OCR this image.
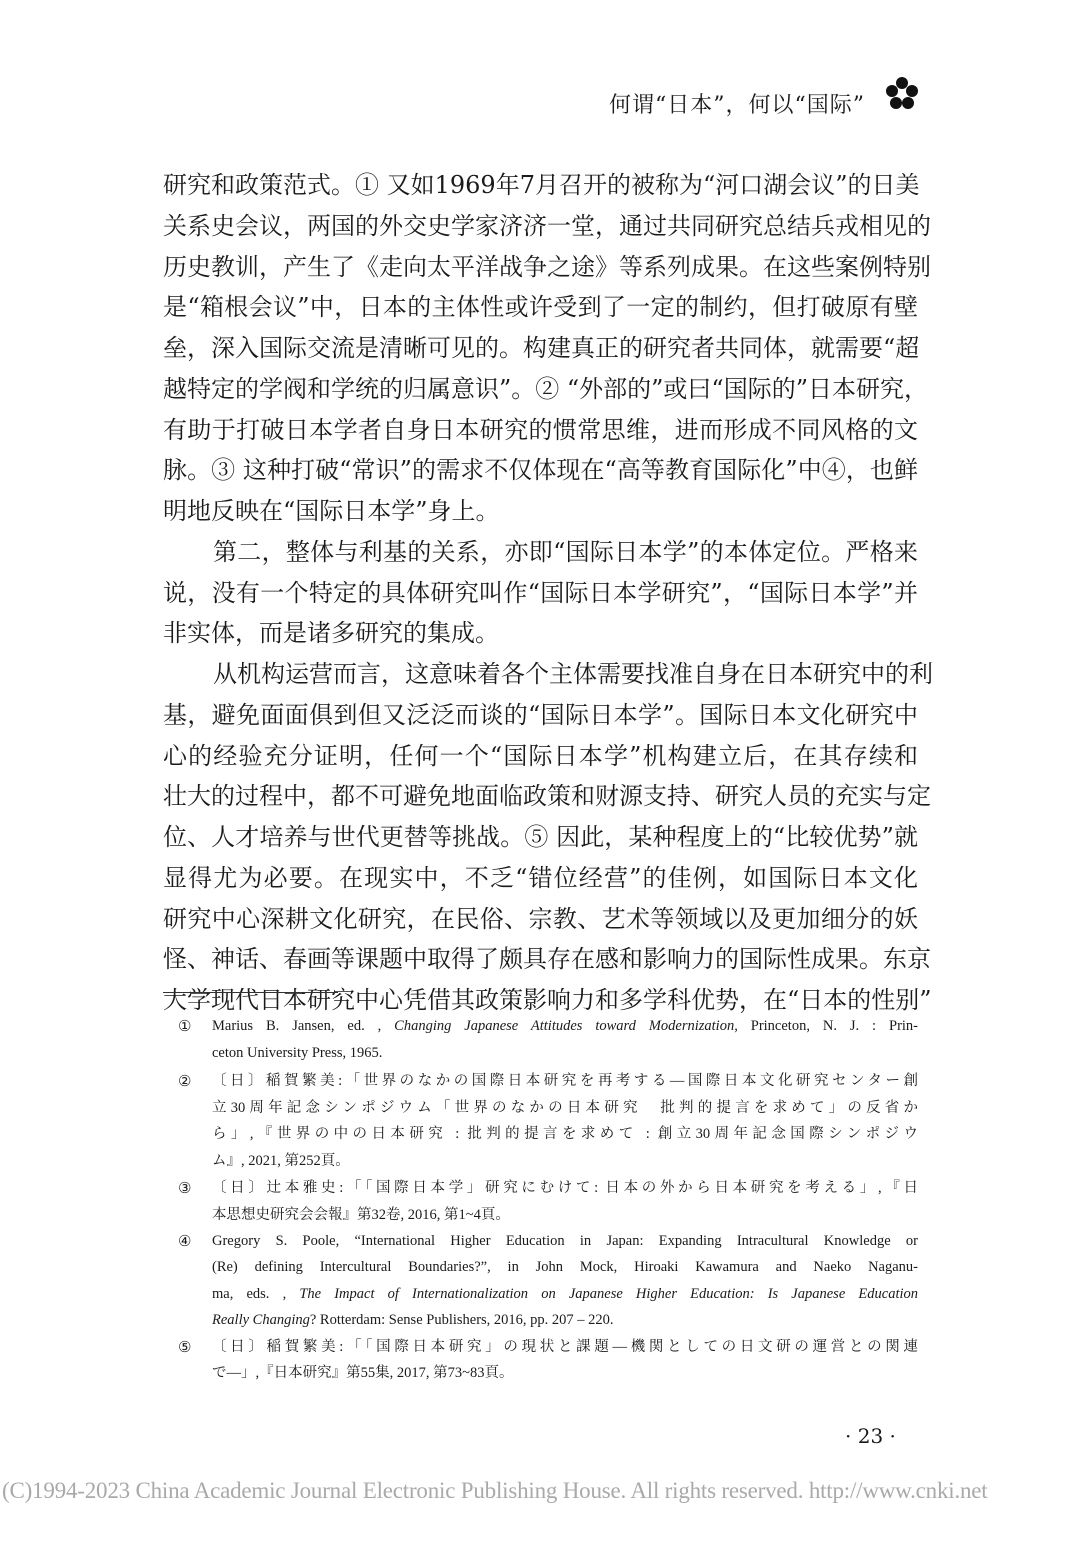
何谓“日本”，何以“国际”
研究和政策范式。① 又如1969年7月召开的被称为“河口湖会议”的日美
关系史会议，两国的外交史学家济济一堂，通过共同研究总结兵戎相见的
历史教训，产生了《走向太平洋战争之途》等系列成果。在这些案例特别
是“箱根会议”中，日本的主体性或许受到了一定的制约，但打破原有壁
垒，深入国际交流是清晰可见的。构建真正的研究者共同体，就需要“超
越特定的学阀和学统的归属意识”。② “外部的”或曰“国际的”日本研究，
有助于打破日本学者自身日本研究的惯常思维，进而形成不同风格的文
脉。③ 这种打破“常识”的需求不仅体现在“高等教育国际化”中④，也鲜
明地反映在“国际日本学”身上。
第二，整体与利基的关系，亦即“国际日本学”的本体定位。严格来
说，没有一个特定的具体研究叫作“国际日本学研究”，“国际日本学”并
非实体，而是诸多研究的集成。
从机构运营而言，这意味着各个主体需要找准自身在日本研究中的利
基，避免面面俱到但又泛泛而谈的“国际日本学”。国际日本文化研究中
心的经验充分证明，任何一个“国际日本学”机构建立后，在其存续和
壮大的过程中，都不可避免地面临政策和财源支持、研究人员的充实与定
位、人才培养与世代更替等挑战。⑤ 因此，某种程度上的“比较优势”就
显得尤为必要。在现实中，不乏“错位经营”的佳例，如国际日本文化
研究中心深耕文化研究，在民俗、宗教、艺术等领域以及更加细分的妖
怪、神话、春画等课题中取得了颇具存在感和影响力的国际性成果。东京
大学现代日本研究中心凭借其政策影响力和多学科优势，在“日本的性别”
① Marius B. Jansen, ed. , Changing Japanese Attitudes toward Modernization, Princeton, N. J. : Prin-
ceton University Press, 1965.
② 〔日〕稲賀繁美:「世界のなかの国際日本研究を再考する—国際日本文化研究センター創
立30周年記念シンポジウム「世界のなかの日本研究　批判的提言を求めて」の反省か
ら」,『世界の中の日本研究 : 批判的提言を求めて : 創立30周年記念国際シンポジウ
ム』, 2021, 第252頁。
③ 〔日〕辻本雅史:「「国際日本学」研究にむけて: 日本の外から日本研究を考える」,『日
本思想史研究会会報』第32卷, 2016, 第1~4頁。
④ Gregory S. Poole, “International Higher Education in Japan: Expanding Intracultural Knowledge or
(Re) defining Intercultural Boundaries?”, in John Mock, Hiroaki Kawamura and Naeko Naganu-
ma, eds. , The Impact of Internationalization on Japanese Higher Education: Is Japanese Education
Really Changing? Rotterdam: Sense Publishers, 2016, pp. 207 – 220.
⑤ 〔日〕稲賀繁美:「「国際日本研究」の現状と課題—機関としての日文研の運営との関連
で—」,『日本研究』第55集, 2017, 第73~83頁。
· 23 ·
(C)1994-2023 China Academic Journal Electronic Publishing House. All rights reserved. http://www.cnki.net
